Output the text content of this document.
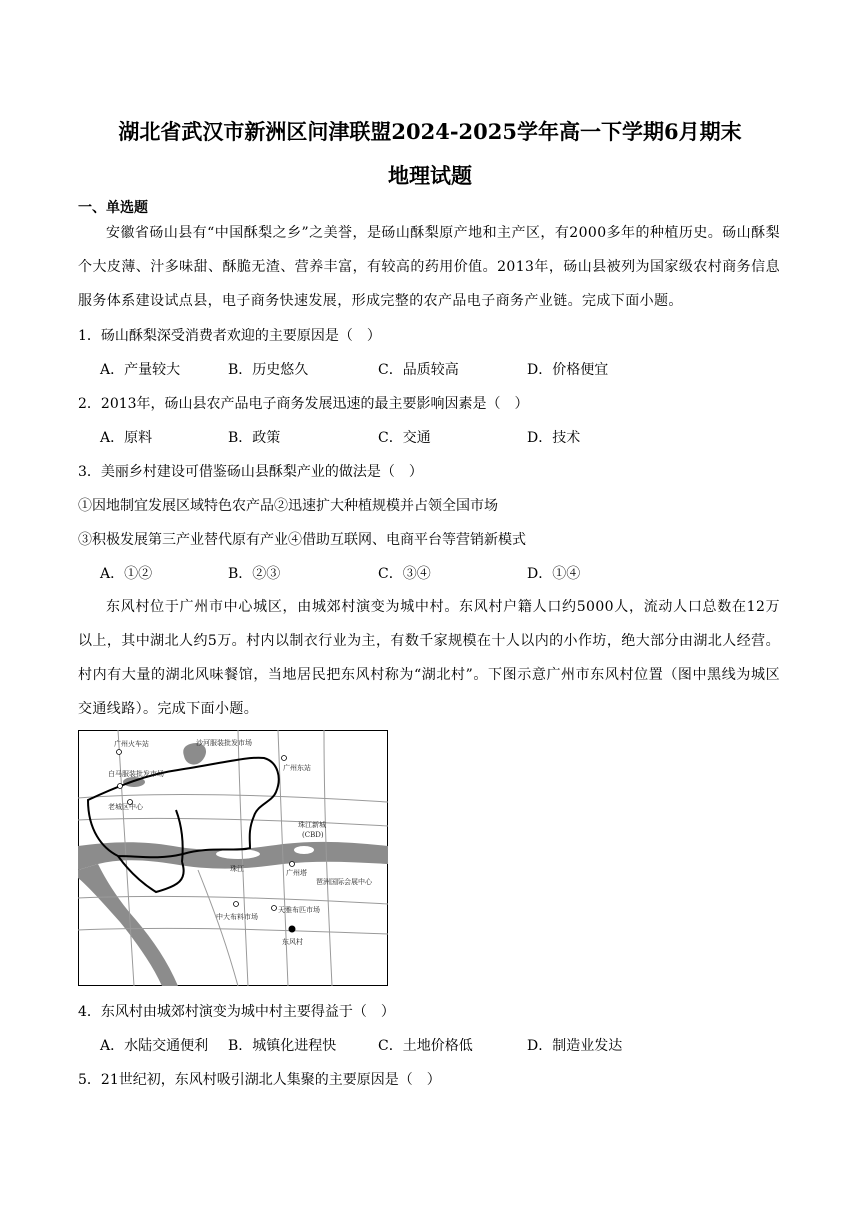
湖北省武汉市新洲区问津联盟2024-2025学年高一下学期6月期末
地理试题
一、单选题
安徽省砀山县有“中国酥梨之乡”之美誉，是砀山酥梨原产地和主产区，有2000多年的种植历史。砀山酥梨个大皮薄、汁多味甜、酥脆无渣、营养丰富，有较高的药用价值。2013年，砀山县被列为国家级农村商务信息服务体系建设试点县，电子商务快速发展，形成完整的农产品电子商务产业链。完成下面小题。
1．砀山酥梨深受消费者欢迎的主要原因是（　）
A．产量较大	B．历史悠久	C．品质较高	D．价格便宜
2．2013年，砀山县农产品电子商务发展迅速的最主要影响因素是（　）
A．原料	B．政策	C．交通	D．技术
3．美丽乡村建设可借鉴砀山县酥梨产业的做法是（　）
①因地制宜发展区域特色农产品②迅速扩大种植规模并占领全国市场
③积极发展第三产业替代原有产业④借助互联网、电商平台等营销新模式
A．①②	B．②③	C．③④	D．①④
东风村位于广州市中心城区，由城郊村演变为城中村。东风村户籍人口约5000人，流动人口总数在12万以上，其中湖北人约5万。村内以制衣行业为主，有数千家规模在十人以内的小作坊，绝大部分由湖北人经营。村内有大量的湖北风味餐馆，当地居民把东风村称为“湖北村”。下图示意广州市东风村位置（图中黑线为城区交通线路）。完成下面小题。
广州火车站	沙河服装批发市场
白马服装批发市场
广州东站
老城区中心
珠江新城
(CBD)
珠江	广州塔
琶洲国际会展中心
中大布料市场
天雅布匹市场
东风村
4．东风村由城郊村演变为城中村主要得益于（　）
A．水陆交通便利 B．城镇化进程快	C．土地价格低	D．制造业发达
5．21世纪初，东风村吸引湖北人集聚的主要原因是（　）
